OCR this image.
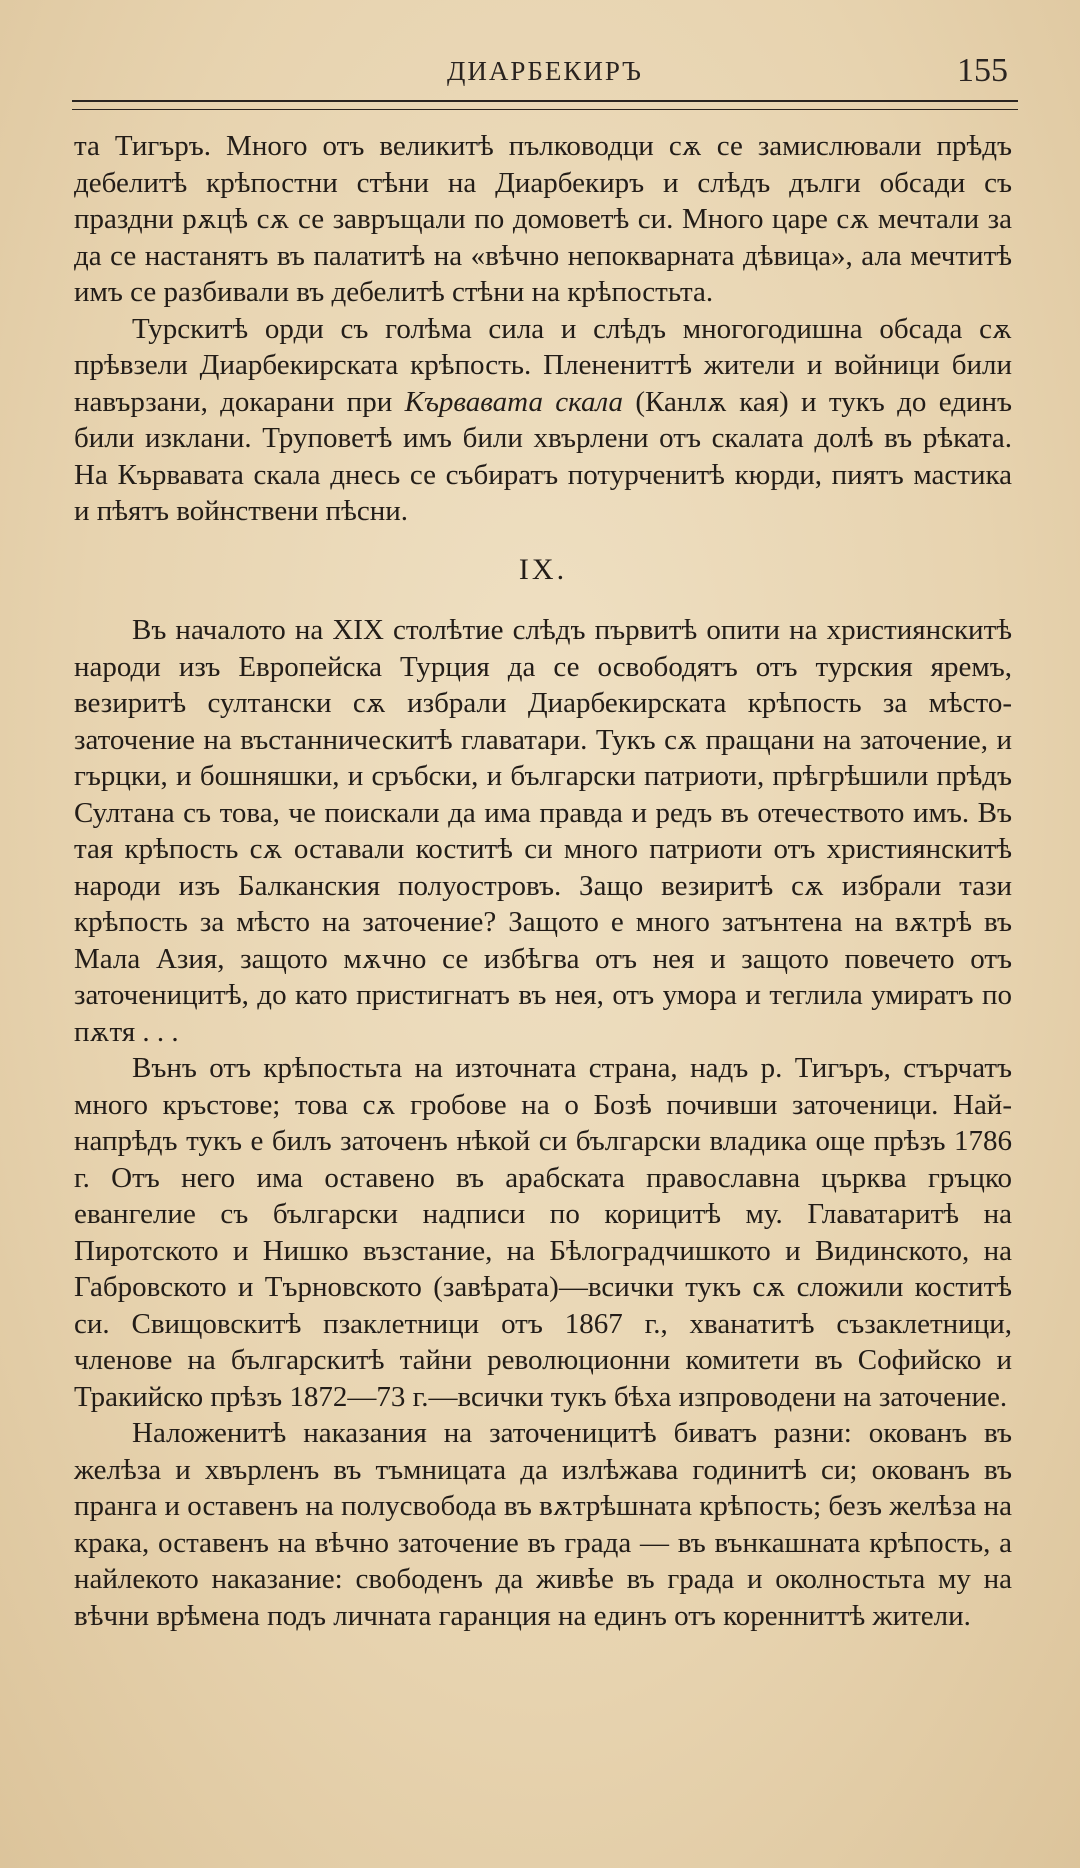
ДИАРБЕКИРЪ	155

та Тигъръ. Много отъ великитѣ пълководци сѫ се замислювали прѣдъ дебелитѣ крѣпостни стѣни на Диарбекиръ и слѣдъ дълги обсади съ праздни рѫцѣ сѫ се завръщали по домоветѣ си. Много царе сѫ мечтали за да се настанятъ въ палатитѣ на «вѣчно непокварната дѣвица», ала мечтитѣ имъ се разбивали въ дебелитѣ стѣни на крѣпостьта.

Турскитѣ орди съ голѣма сила и слѣдъ многогодишна обсада сѫ прѣвзели Диарбекирската крѣпость. Пленениттѣ жители и войници били навързани, докарани при Кървавата скала (Канлѫ кая) и тукъ до единъ били изклани. Труповетѣ имъ били хвърлени отъ скалата долѣ въ рѣката. На Кървавата скала днесь се събиратъ потурченитѣ кюрди, пиятъ мастика и пѣятъ войнствени пѣсни.

IX.

Въ началото на XIX столѣтие слѣдъ първитѣ опити на християнскитѣ народи изъ Европейска Турция да се освободятъ отъ турския яремъ, везиритѣ султански сѫ избрали Диарбекирската крѣпость за мѣсто-заточение на въстанническитѣ главатари. Тукъ сѫ пращани на заточение, и гърцки, и бошняшки, и сръбски, и български патриоти, прѣгрѣшили прѣдъ Султана съ това, че поискали да има правда и редъ въ отечеството имъ. Въ тая крѣпость сѫ оставали коститѣ си много патриоти отъ християнскитѣ народи изъ Балканския полуостровъ. Защо везиритѣ сѫ избрали тази крѣпость за мѣсто на заточение? Защото е много затънтена на вѫтрѣ въ Мала Азия, защото мѫчно се избѣгва отъ нея и защото повечето отъ заточеницитѣ, до като пристигнатъ въ нея, отъ умора и теглила умиратъ по пѫтя . . .

Вънъ отъ крѣпостьта на източната страна, надъ р. Тигъръ, стърчатъ много кръстове; това сѫ гробове на о Бозѣ почивши заточеници. Най-напрѣдъ тукъ е билъ заточенъ нѣкой си български владика още прѣзъ 1786 г. Отъ него има оставено въ арабската православна църква гръцко евангелие съ български надписи по корицитѣ му. Главатаритѣ на Пиротското и Нишко възстание, на Бѣлоградчишкото и Видинското, на Габровското и Търновското (завѣрата)—всички тукъ сѫ сложили коститѣ си. Свищовскитѣ пзаклетници отъ 1867 г., хванатитѣ съзаклетници, членове на българскитѣ тайни революционни комитети въ Софийско и Тракийско прѣзъ 1872—73 г.—всички тукъ бѣха изпроводени на заточение.

Наложенитѣ наказания на заточеницитѣ биватъ разни: окованъ въ желѣза и хвърленъ въ тъмницата да излѣжава годинитѣ си; окованъ въ пранга и оставенъ на полусвобода въ вѫтрѣшната крѣпость; безъ желѣза на крака, оставенъ на вѣчно заточение въ града — въ вънкашната крѣпость, а найлекото наказание: свободенъ да живѣе въ града и околностьта му на вѣчни врѣмена подъ личната гаранция на единъ отъ коренниттѣ жители.
